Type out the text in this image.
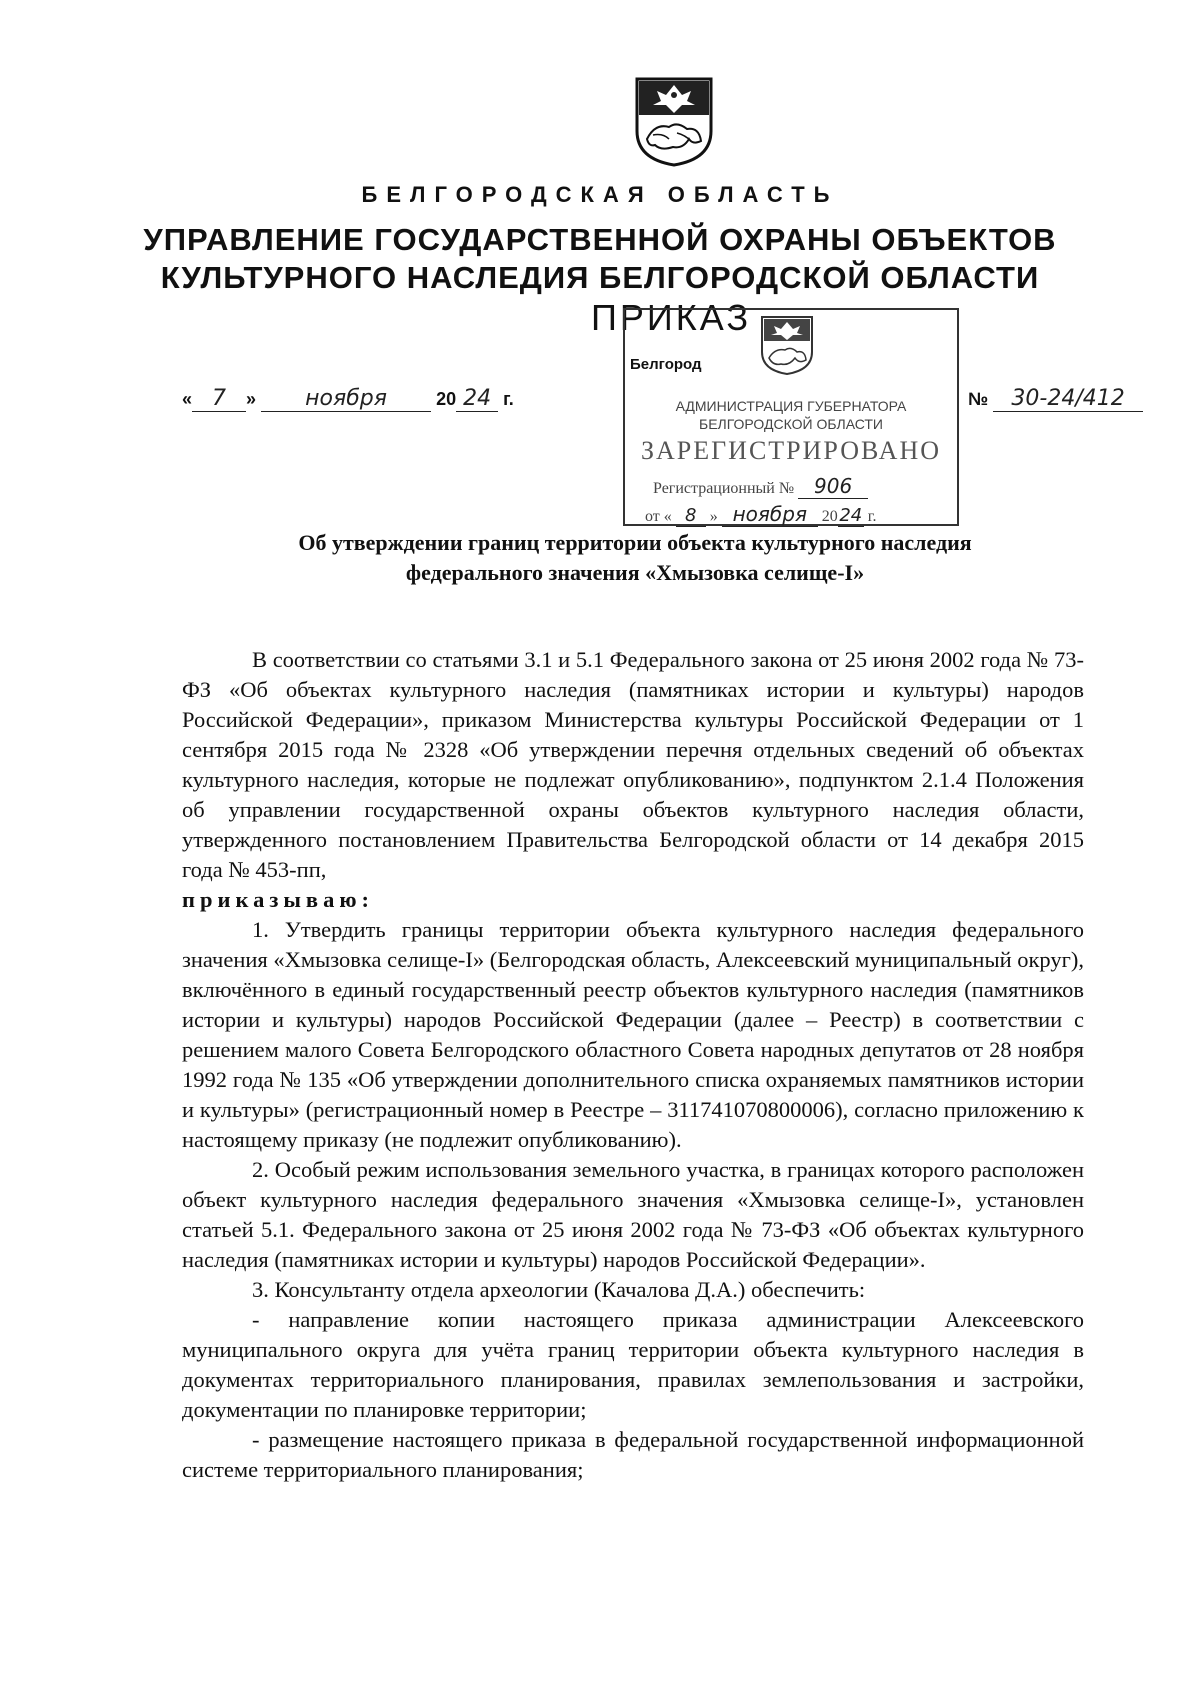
БЕЛГОРОДСКАЯ ОБЛАСТЬ
УПРАВЛЕНИЕ ГОСУДАРСТВЕННОЙ ОХРАНЫ ОБЪЕКТОВ
КУЛЬТУРНОГО НАСЛЕДИЯ БЕЛГОРОДСКОЙ ОБЛАСТИ
ПРИКАЗ
Белгород
АДМИНИСТРАЦИЯ ГУБЕРНАТОРА
БЕЛГОРОДСКОЙ ОБЛАСТИ
ЗАРЕГИСТРИРОВАНО
Регистрационный № 906
от « 8 » ноября 2024 г.
« 7 » ноября	20 24 г.	№ 30-24/412
Об утверждении границ территории объекта культурного наследия
федерального значения «Хмызовка селище-I»

В соответствии со статьями 3.1 и 5.1 Федерального закона от 25 июня 2002 года № 73-ФЗ «Об объектах культурного наследия (памятниках истории и культуры) народов Российской Федерации», приказом Министерства культуры Российской Федерации от 1 сентября 2015 года № 2328 «Об утверждении перечня отдельных сведений об объектах культурного наследия, которые не подлежат опубликованию», подпунктом 2.1.4 Положения об управлении государственной охраны объектов культурного наследия области, утвержденного постановлением Правительства Белгородской области от 14 декабря 2015 года № 453-пп,

приказываю:

1. Утвердить границы территории объекта культурного наследия федерального значения «Хмызовка селище-I» (Белгородская область, Алексеевский муниципальный округ), включённого в единый государственный реестр объектов культурного наследия (памятников истории и культуры) народов Российской Федерации (далее – Реестр) в соответствии с решением малого Совета Белгородского областного Совета народных депутатов от 28 ноября 1992 года № 135 «Об утверждении дополнительного списка охраняемых памятников истории и культуры» (регистрационный номер в Реестре – 311741070800006), согласно приложению к настоящему приказу (не подлежит опубликованию).

2. Особый режим использования земельного участка, в границах которого расположен объект культурного наследия федерального значения «Хмызовка селище-I», установлен статьей 5.1. Федерального закона от 25 июня 2002 года № 73-ФЗ «Об объектах культурного наследия (памятниках истории и культуры) народов Российской Федерации».

3. Консультанту отдела археологии (Качалова Д.А.) обеспечить:

- направление копии настоящего приказа администрации Алексеевского муниципального округа для учёта границ территории объекта культурного наследия в документах территориального планирования, правилах землепользования и застройки, документации по планировке территории;

- размещение настоящего приказа в федеральной государственной информационной системе территориального планирования;
